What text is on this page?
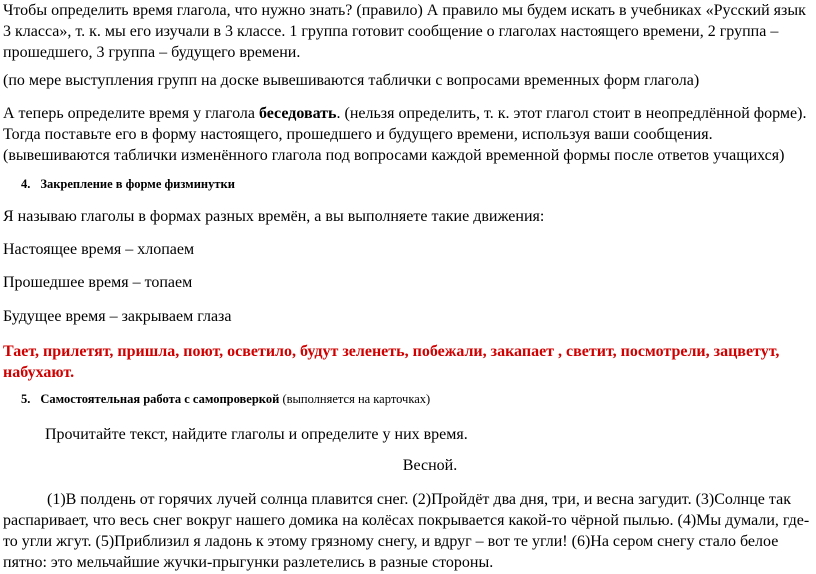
Чтобы определить время глагола, что нужно знать? (правило) А правило мы будем искать в учебниках «Русский язык 3 класса», т. к. мы его изучали в 3 классе. 1 группа готовит сообщение о глаголах настоящего времени, 2 группа – прошедшего, 3 группа – будущего времени.

(по мере выступления групп на доске вывешиваются таблички с вопросами временных форм глагола)

А теперь определите время у глагола беседовать. (нельзя определить, т. к. этот глагол стоит в неопредлённой форме). Тогда поставьте его в форму настоящего, прошедшего и будущего времени, используя ваши сообщения. (вывешиваются таблички изменённого глагола под вопросами каждой временной формы после ответов учащихся)

4. Закрепление в форме физминутки

Я называю глаголы в формах разных времён, а вы выполняете такие движения:

Настоящее время – хлопаем

Прошедшее время – топаем

Будущее время – закрываем глаза

Тает, прилетят, пришла, поют, осветило, будут зеленеть, побежали, закапает , светит, посмотрели, зацветут, набухают.

5. Самостоятельная работа с самопроверкой (выполняется на карточках)

Прочитайте текст, найдите глаголы и определите у них время.

Весной.

(1)В полдень от горячих лучей солнца плавится снег. (2)Пройдёт два дня, три, и весна загудит. (3)Солнце так распаривает, что весь снег вокруг нашего домика на колёсах покрывается какой-то чёрной пылью. (4)Мы думали, где-то угли жгут. (5)Приблизил я ладонь к этому грязному снегу, и вдруг – вот те угли! (6)На сером снегу стало белое пятно: это мельчайшие жучки-прыгунки разлетелись в разные стороны.
